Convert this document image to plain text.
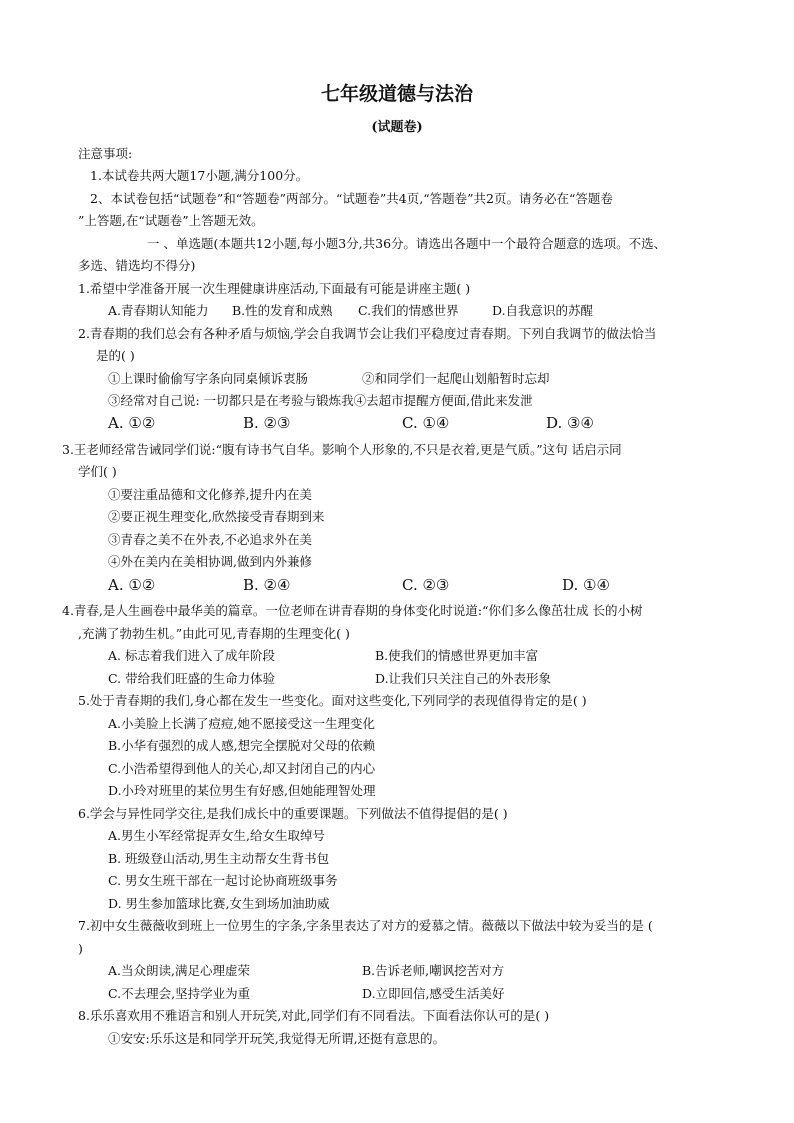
七年级道德与法治
(试题卷)
注意事项:
1.本试卷共两大题17小题,满分100分。
2、本试卷包括“试题卷”和“答题卷”两部分。“试题卷”共4页,“答题卷”共2页。请务必在“答题卷
”上答题,在“试题卷”上答题无效。
一 、单选题(本题共12小题,每小题3分,共36分。请选出各题中一个最符合题意的选项。不选、
多选、错选均不得分)
1.希望中学准备开展一次生理健康讲座活动,下面最有可能是讲座主题( )
A.青春期认知能力 B.性的发育和成熟 C.我们的情感世界	D.自我意识的苏醒
2.青春期的我们总会有各种矛盾与烦恼,学会自我调节会让我们平稳度过青春期。下列自我调节的做法恰当
是的( )
①上课时偷偷写字条向同桌倾诉衷肠	②和同学们一起爬山划船暂时忘却
③经常对自己说: 一切都只是在考验与锻炼我④去超市提醒方便面,借此来发泄
A. ①②	B. ②③	C. ①④	D. ③④
3.王老师经常告诫同学们说:“腹有诗书气自华。影响个人形象的,不只是衣着,更是气质。”这句 话启示同
学们( )
①要注重品德和文化修养,提升内在美
②要正视生理变化,欣然接受青春期到来
③青春之美不在外表,不必追求外在美
④外在美内在美相协调,做到内外兼修
A. ①②	B. ②④	C. ②③	D. ①④
4.青春,是人生画卷中最华美的篇章。一位老师在讲青春期的身体变化时说道:“你们多么像茁壮成 长的小树
,充满了勃勃生机。”由此可见,青春期的生理变化( )
A. 标志着我们进入了成年阶段	B.使我们的情感世界更加丰富
C. 带给我们旺盛的生命力体验	D.让我们只关注自己的外表形象
5.处于青春期的我们,身心都在发生一些变化。面对这些变化,下列同学的表现值得肯定的是( )
A.小美脸上长满了痘痘,她不愿接受这一生理变化
B.小华有强烈的成人感,想完全摆脱对父母的依赖
C.小浩希望得到他人的关心,却又封闭自己的内心
D.小玲对班里的某位男生有好感,但她能理智处理
6.学会与异性同学交往,是我们成长中的重要课题。下列做法不值得提倡的是( )
A.男生小军经常捉弄女生,给女生取绰号
B. 班级登山活动,男生主动帮女生背书包
C. 男女生班干部在一起讨论协商班级事务
D. 男生参加篮球比赛,女生到场加油助威
7.初中女生薇薇收到班上一位男生的字条,字条里表达了对方的爱慕之情。薇薇以下做法中较为妥当的是 (
)
A.当众朗读,满足心理虚荣	B.告诉老师,嘲讽挖苦对方
C.不去理会,坚持学业为重	D.立即回信,感受生活美好
8.乐乐喜欢用不雅语言和别人开玩笑,对此,同学们有不同看法。下面看法你认可的是( )
①安安:乐乐这是和同学开玩笑,我觉得无所谓,还挺有意思的。
